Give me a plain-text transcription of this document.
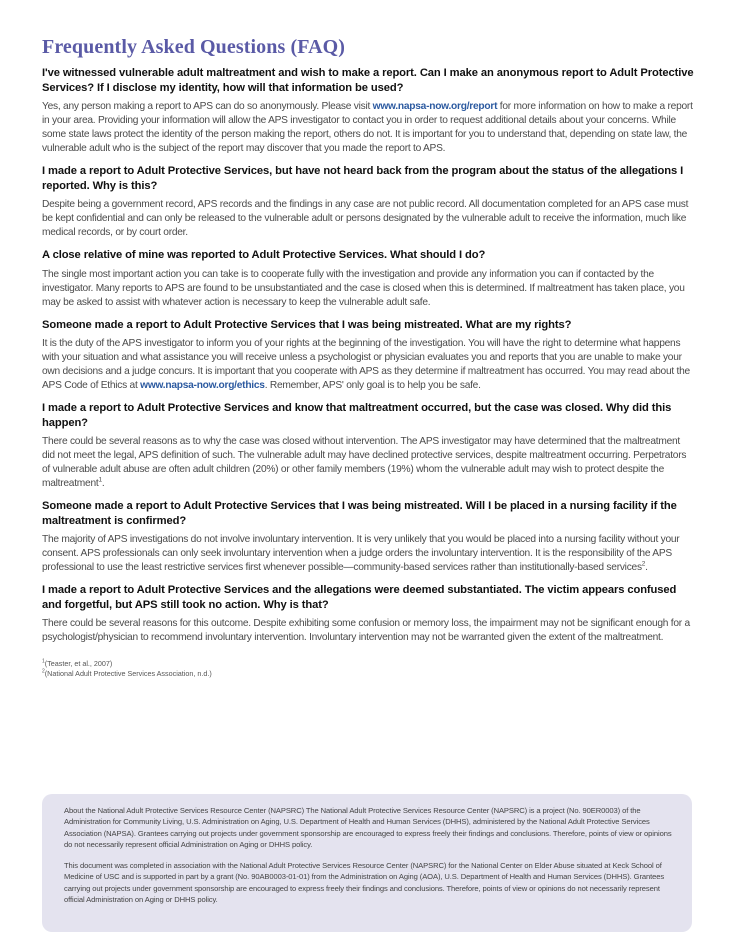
Frequently Asked Questions (FAQ)

I've witnessed vulnerable adult maltreatment and wish to make a report. Can I make an anonymous report to Adult Protective Services? If I disclose my identity, how will that information be used?

Yes, any person making a report to APS can do so anonymously. Please visit www.napsa-now.org/report for more information on how to make a report in your area. Providing your information will allow the APS investigator to contact you in order to request additional details about your concerns. While some state laws protect the identity of the person making the report, others do not. It is important for you to understand that, depending on state law, the vulnerable adult who is the subject of the report may discover that you made the report to APS.

I made a report to Adult Protective Services, but have not heard back from the program about the status of the allegations I reported. Why is this?

Despite being a government record, APS records and the findings in any case are not public record. All documentation completed for an APS case must be kept confidential and can only be released to the vulnerable adult or persons designated by the vulnerable adult to receive the information, much like medical records, or by court order.

A close relative of mine was reported to Adult Protective Services. What should I do?

The single most important action you can take is to cooperate fully with the investigation and provide any information you can if contacted by the investigator. Many reports to APS are found to be unsubstantiated and the case is closed when this is determined. If maltreatment has taken place, you may be asked to assist with whatever action is necessary to keep the vulnerable adult safe.

Someone made a report to Adult Protective Services that I was being mistreated. What are my rights?

It is the duty of the APS investigator to inform you of your rights at the beginning of the investigation. You will have the right to determine what happens with your situation and what assistance you will receive unless a psychologist or physician evaluates you and reports that you are unable to make your own decisions and a judge concurs. It is important that you cooperate with APS as they determine if maltreatment has occurred. You may read about the APS Code of Ethics at www.napsa-now.org/ethics. Remember, APS' only goal is to help you be safe.

I made a report to Adult Protective Services and know that maltreatment occurred, but the case was closed. Why did this happen?

There could be several reasons as to why the case was closed without intervention. The APS investigator may have determined that the maltreatment did not meet the legal, APS definition of such. The vulnerable adult may have declined protective services, despite maltreatment occurring. Perpetrators of vulnerable adult abuse are often adult children (20%) or other family members (19%) whom the vulnerable adult may wish to protect despite the maltreatment$^1$.

Someone made a report to Adult Protective Services that I was being mistreated. Will I be placed in a nursing facility if the maltreatment is confirmed?

The majority of APS investigations do not involve involuntary intervention. It is very unlikely that you would be placed into a nursing facility without your consent. APS professionals can only seek involuntary intervention when a judge orders the involuntary intervention. It is the responsibility of the APS professional to use the least restrictive services first whenever possible—community-based services rather than institutionally-based services$^2$.

I made a report to Adult Protective Services and the allegations were deemed substantiated. The victim appears confused and forgetful, but APS still took no action. Why is that?

There could be several reasons for this outcome. Despite exhibiting some confusion or memory loss, the impairment may not be significant enough for a psychologist/physician to recommend involuntary intervention. Involuntary intervention may not be warranted given the extent of the maltreatment.

$^1$(Teaster, et al., 2007)

$^2$(National Adult Protective Services Association, n.d.)

About the National Adult Protective Services Resource Center (NAPSRC) The National Adult Protective Services Resource Center (NAPSRC) is a project (No. 90ER0003) of the Administration for Community Living, U.S. Administration on Aging, U.S. Department of Health and Human Services (DHHS), administered by the National Adult Protective Services Association (NAPSA). Grantees carrying out projects under government sponsorship are encouraged to express freely their findings and conclusions. Therefore, points of view or opinions do not necessarily represent official Administration on Aging or DHHS policy.

This document was completed in association with the National Adult Protective Services Resource Center (NAPSRC) for the National Center on Elder Abuse situated at Keck School of Medicine of USC and is supported in part by a grant (No. 90AB0003-01-01) from the Administration on Aging (AOA), U.S. Department of Health and Human Services (DHHS). Grantees carrying out projects under government sponsorship are encouraged to express freely their findings and conclusions. Therefore, points of view or opinions do not necessarily represent official Administration on Aging or DHHS policy.
